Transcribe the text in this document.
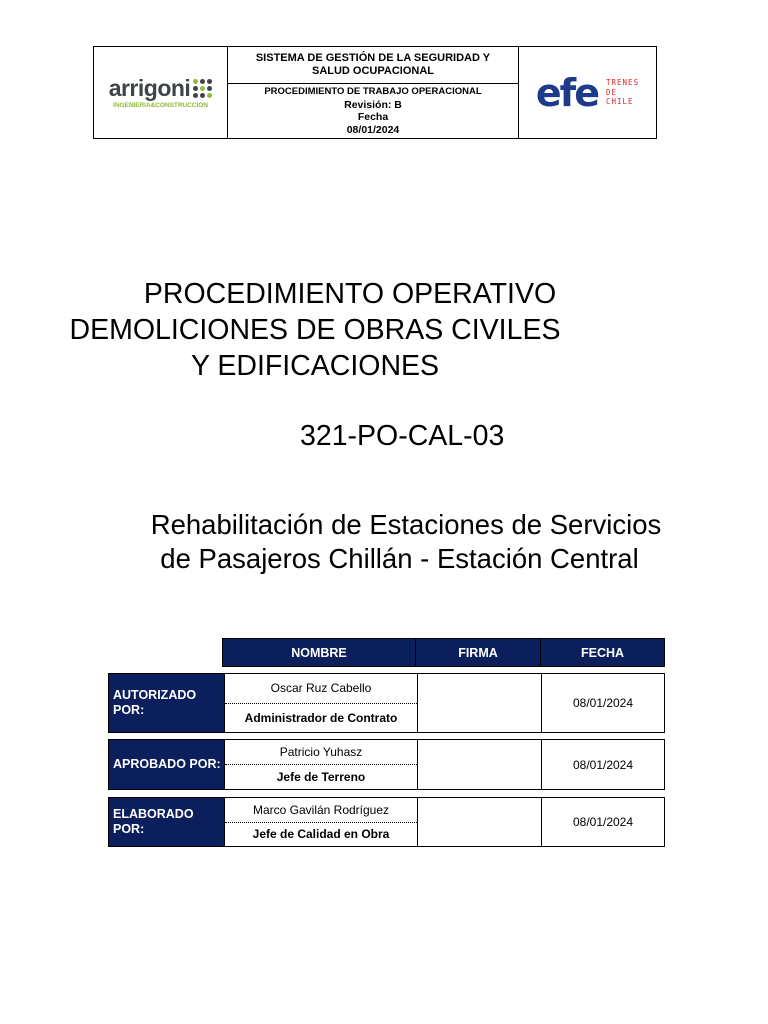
arrigoni
INGENIERIA&CONSTRUCCION
SISTEMA DE GESTIÓN DE LA SEGURIDAD Y
SALUD OCUPACIONAL
PROCEDIMIENTO DE TRABAJO OPERACIONAL
Revisión: B
Fecha
08/01/2024
efe TRENES
DE
CHILE
PROCEDIMIENTO OPERATIVO
DEMOLICIONES DE OBRAS CIVILES
Y EDIFICACIONES
321-PO-CAL-03
Rehabilitación de Estaciones de Servicios
de Pasajeros Chillán - Estación Central
NOMBRE	FIRMA	FECHA
AUTORIZADO POR:
Oscar Ruz Cabello
Administrador de Contrato
08/01/2024
APROBADO POR:
Patricio Yuhasz
Jefe de Terreno
08/01/2024
ELABORADO POR:
Marco Gavilán Rodríguez
Jefe de Calidad en Obra
08/01/2024
